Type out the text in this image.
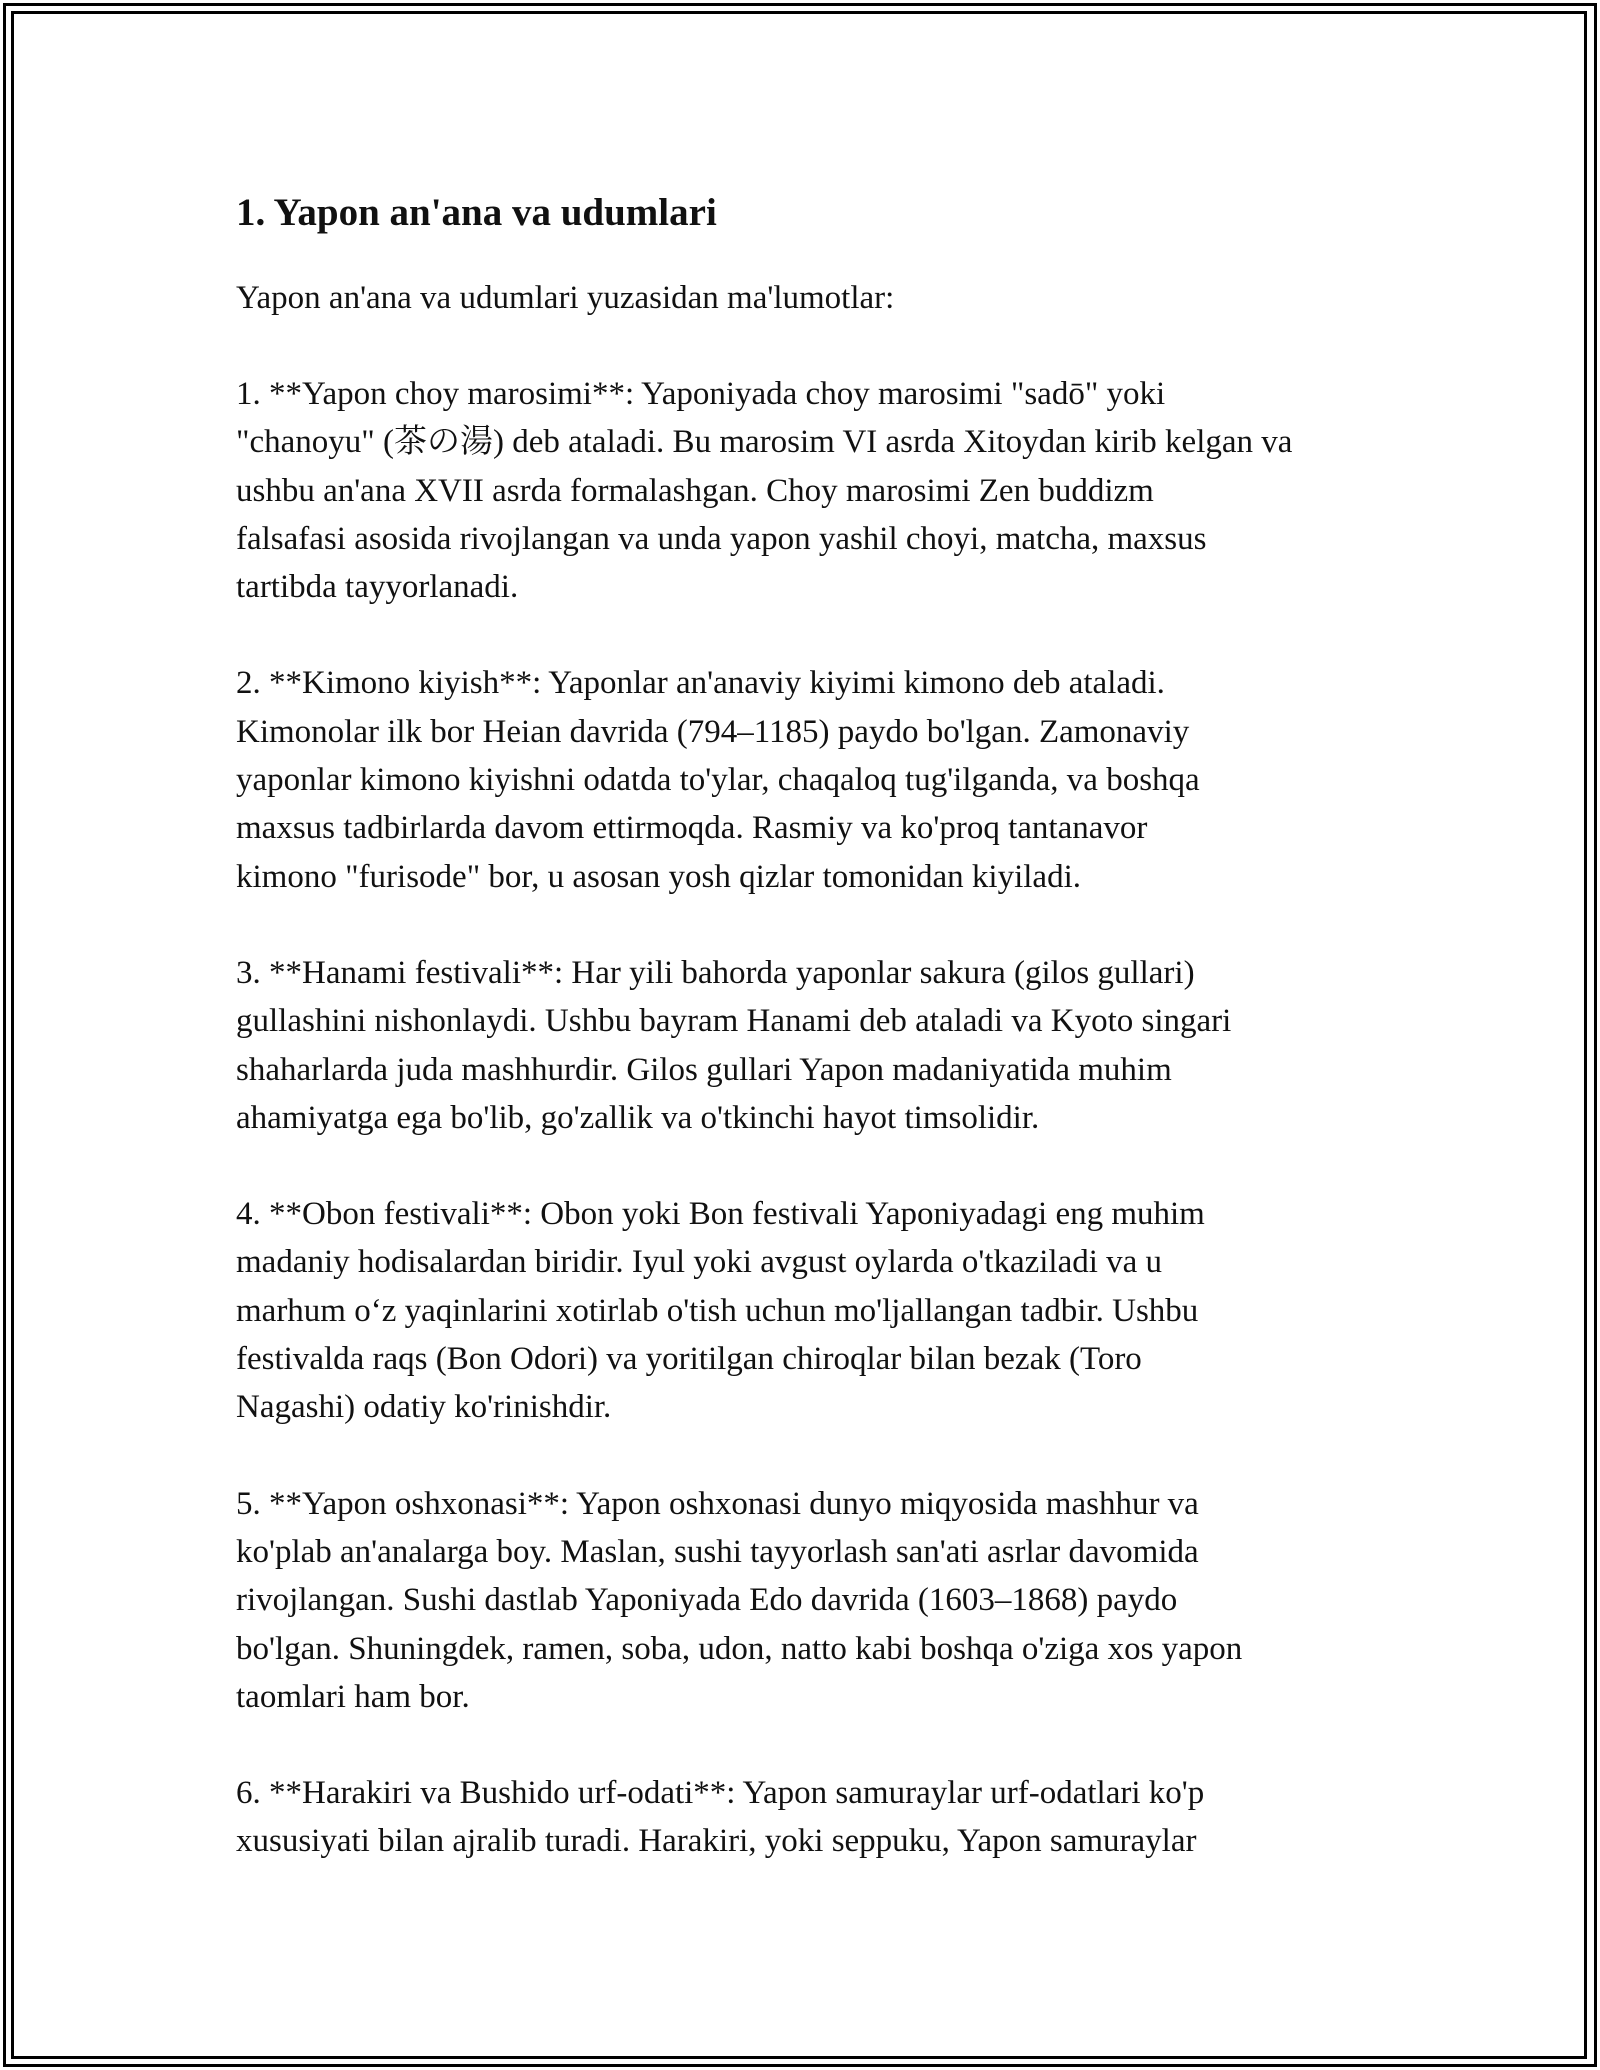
1. Yapon an'ana va udumlari

Yapon an'ana va udumlari yuzasidan ma'lumotlar:

1. **Yapon choy marosimi**: Yaponiyada choy marosimi "sadō" yoki
"chanoyu" (茶の湯) deb ataladi. Bu marosim VI asrda Xitoydan kirib kelgan va
ushbu an'ana XVII asrda formalashgan. Choy marosimi Zen buddizm
falsafasi asosida rivojlangan va unda yapon yashil choyi, matcha, maxsus
tartibda tayyorlanadi.

2. **Kimono kiyish**: Yaponlar an'anaviy kiyimi kimono deb ataladi.
Kimonolar ilk bor Heian davrida (794–1185) paydo bo'lgan. Zamonaviy
yaponlar kimono kiyishni odatda to'ylar, chaqaloq tug'ilganda, va boshqa
maxsus tadbirlarda davom ettirmoqda. Rasmiy va ko'proq tantanavor
kimono "furisode" bor, u asosan yosh qizlar tomonidan kiyiladi.

3. **Hanami festivali**: Har yili bahorda yaponlar sakura (gilos gullari)
gullashini nishonlaydi. Ushbu bayram Hanami deb ataladi va Kyoto singari
shaharlarda juda mashhurdir. Gilos gullari Yapon madaniyatida muhim
ahamiyatga ega bo'lib, go'zallik va o'tkinchi hayot timsolidir.

4. **Obon festivali**: Obon yoki Bon festivali Yaponiyadagi eng muhim
madaniy hodisalardan biridir. Iyul yoki avgust oylarda o'tkaziladi va u
marhum oʻz yaqinlarini xotirlab o'tish uchun mo'ljallangan tadbir. Ushbu
festivalda raqs (Bon Odori) va yoritilgan chiroqlar bilan bezak (Toro
Nagashi) odatiy ko'rinishdir.

5. **Yapon oshxonasi**: Yapon oshxonasi dunyo miqyosida mashhur va
ko'plab an'analarga boy. Maslan, sushi tayyorlash san'ati asrlar davomida
rivojlangan. Sushi dastlab Yaponiyada Edo davrida (1603–1868) paydo
bo'lgan. Shuningdek, ramen, soba, udon, natto kabi boshqa o'ziga xos yapon
taomlari ham bor.

6. **Harakiri va Bushido urf-odati**: Yapon samuraylar urf-odatlari ko'p
xususiyati bilan ajralib turadi. Harakiri, yoki seppuku, Yapon samuraylar
